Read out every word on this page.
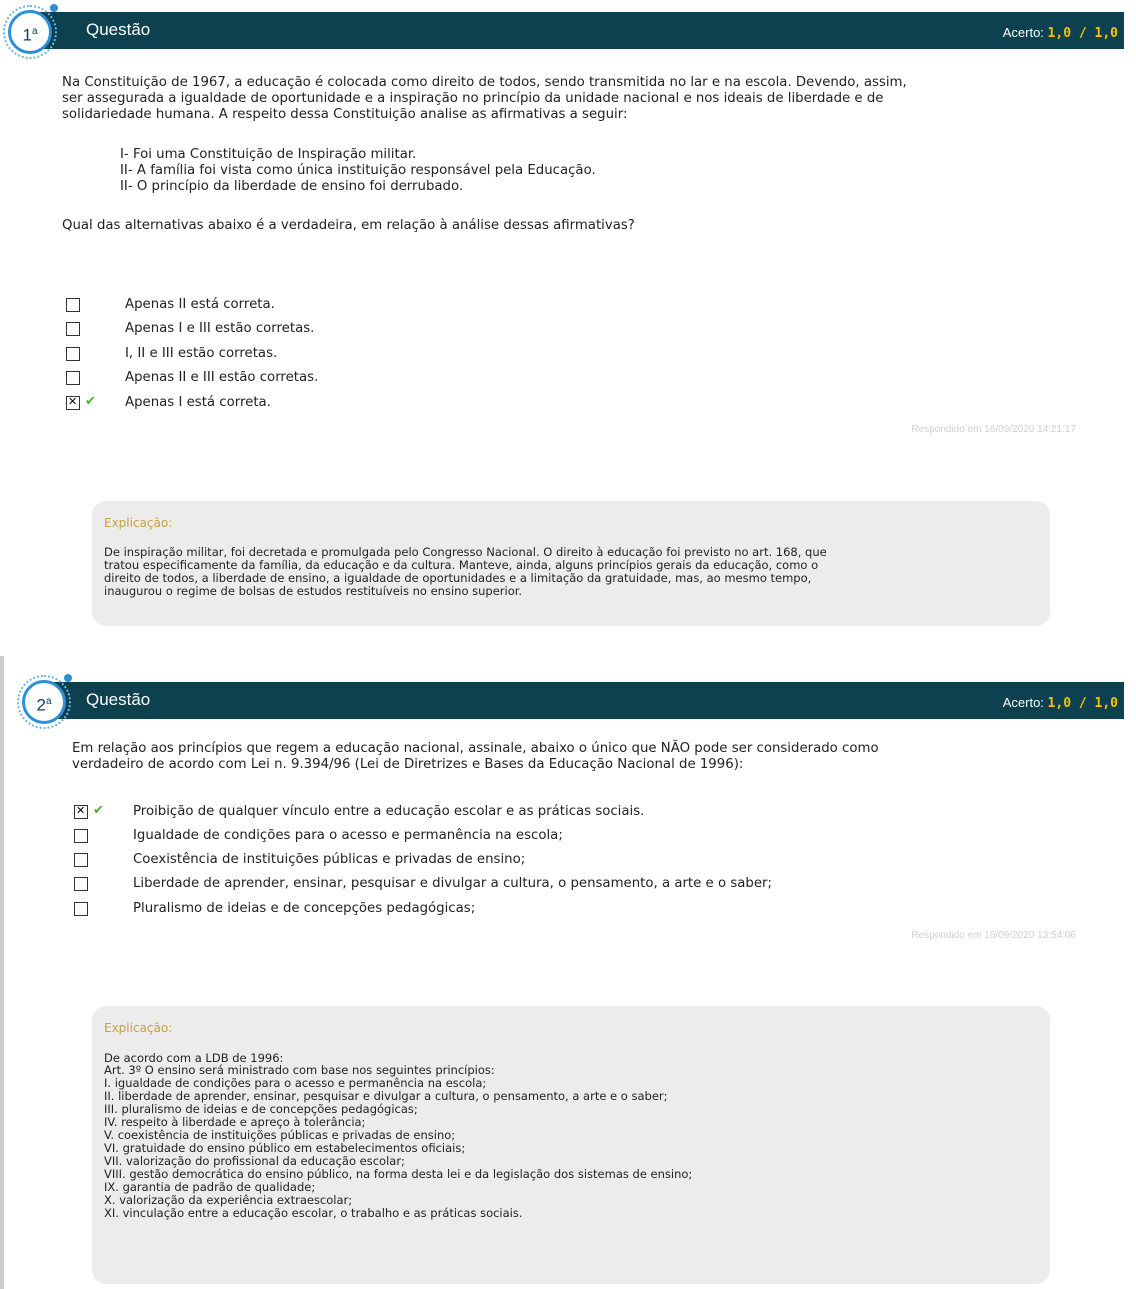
Questão	Acerto: 1,0 / 1,0
1$^a$
Na Constituição de 1967, a educação é colocada como direito de todos, sendo transmitida no lar e na escola. Devendo, assim,
ser assegurada a igualdade de oportunidade e a inspiração no princípio da unidade nacional e nos ideais de liberdade e de
solidariedade humana. A respeito dessa Constituição analise as afirmativas a seguir:
I- Foi uma Constituição de Inspiração militar.
II- A família foi vista como única instituição responsável pela Educação.
II- O princípio da liberdade de ensino foi derrubado.
Qual das alternativas abaixo é a verdadeira, em relação à análise dessas afirmativas?
Apenas II está correta.
Apenas I e III estão corretas.
I, II e III estão corretas.
Apenas II e III estão corretas.
✕
✔ Apenas I está correta.
Respondido em 16/09/2020 14:21:17
Explicação:
De inspiração militar, foi decretada e promulgada pelo Congresso Nacional. O direito à educação foi previsto no art. 168, que
tratou especificamente da família, da educação e da cultura. Manteve, ainda, alguns princípios gerais da educação, como o
direito de todos, a liberdade de ensino, a igualdade de oportunidades e a limitação da gratuidade, mas, ao mesmo tempo,
inaugurou o regime de bolsas de estudos restituíveis no ensino superior.
Questão	Acerto: 1,0 / 1,0
2$^a$
Em relação aos princípios que regem a educação nacional, assinale, abaixo o único que NÃO pode ser considerado como
verdadeiro de acordo com Lei n. 9.394/96 (Lei de Diretrizes e Bases da Educação Nacional de 1996):
✕
✔ Proibição de qualquer vínculo entre a educação escolar e as práticas sociais.
Igualdade de condições para o acesso e permanência na escola;
Coexistência de instituições públicas e privadas de ensino;
Liberdade de aprender, ensinar, pesquisar e divulgar a cultura, o pensamento, a arte e o saber;
Pluralismo de ideias e de concepções pedagógicas;
Respondido em 16/09/2020 13:54:06
Explicação:
De acordo com a LDB de 1996:
Art. 3º O ensino será ministrado com base nos seguintes princípios:
I. igualdade de condições para o acesso e permanência na escola;
II. liberdade de aprender, ensinar, pesquisar e divulgar a cultura, o pensamento, a arte e o saber;
III. pluralismo de ideias e de concepções pedagógicas;
IV. respeito à liberdade e apreço à tolerância;
V. coexistência de instituições públicas e privadas de ensino;
VI. gratuidade do ensino público em estabelecimentos oficiais;
VII. valorização do profissional da educação escolar;
VIII. gestão democrática do ensino público, na forma desta lei e da legislação dos sistemas de ensino;
IX. garantia de padrão de qualidade;
X. valorização da experiência extraescolar;
XI. vinculação entre a educação escolar, o trabalho e as práticas sociais.
